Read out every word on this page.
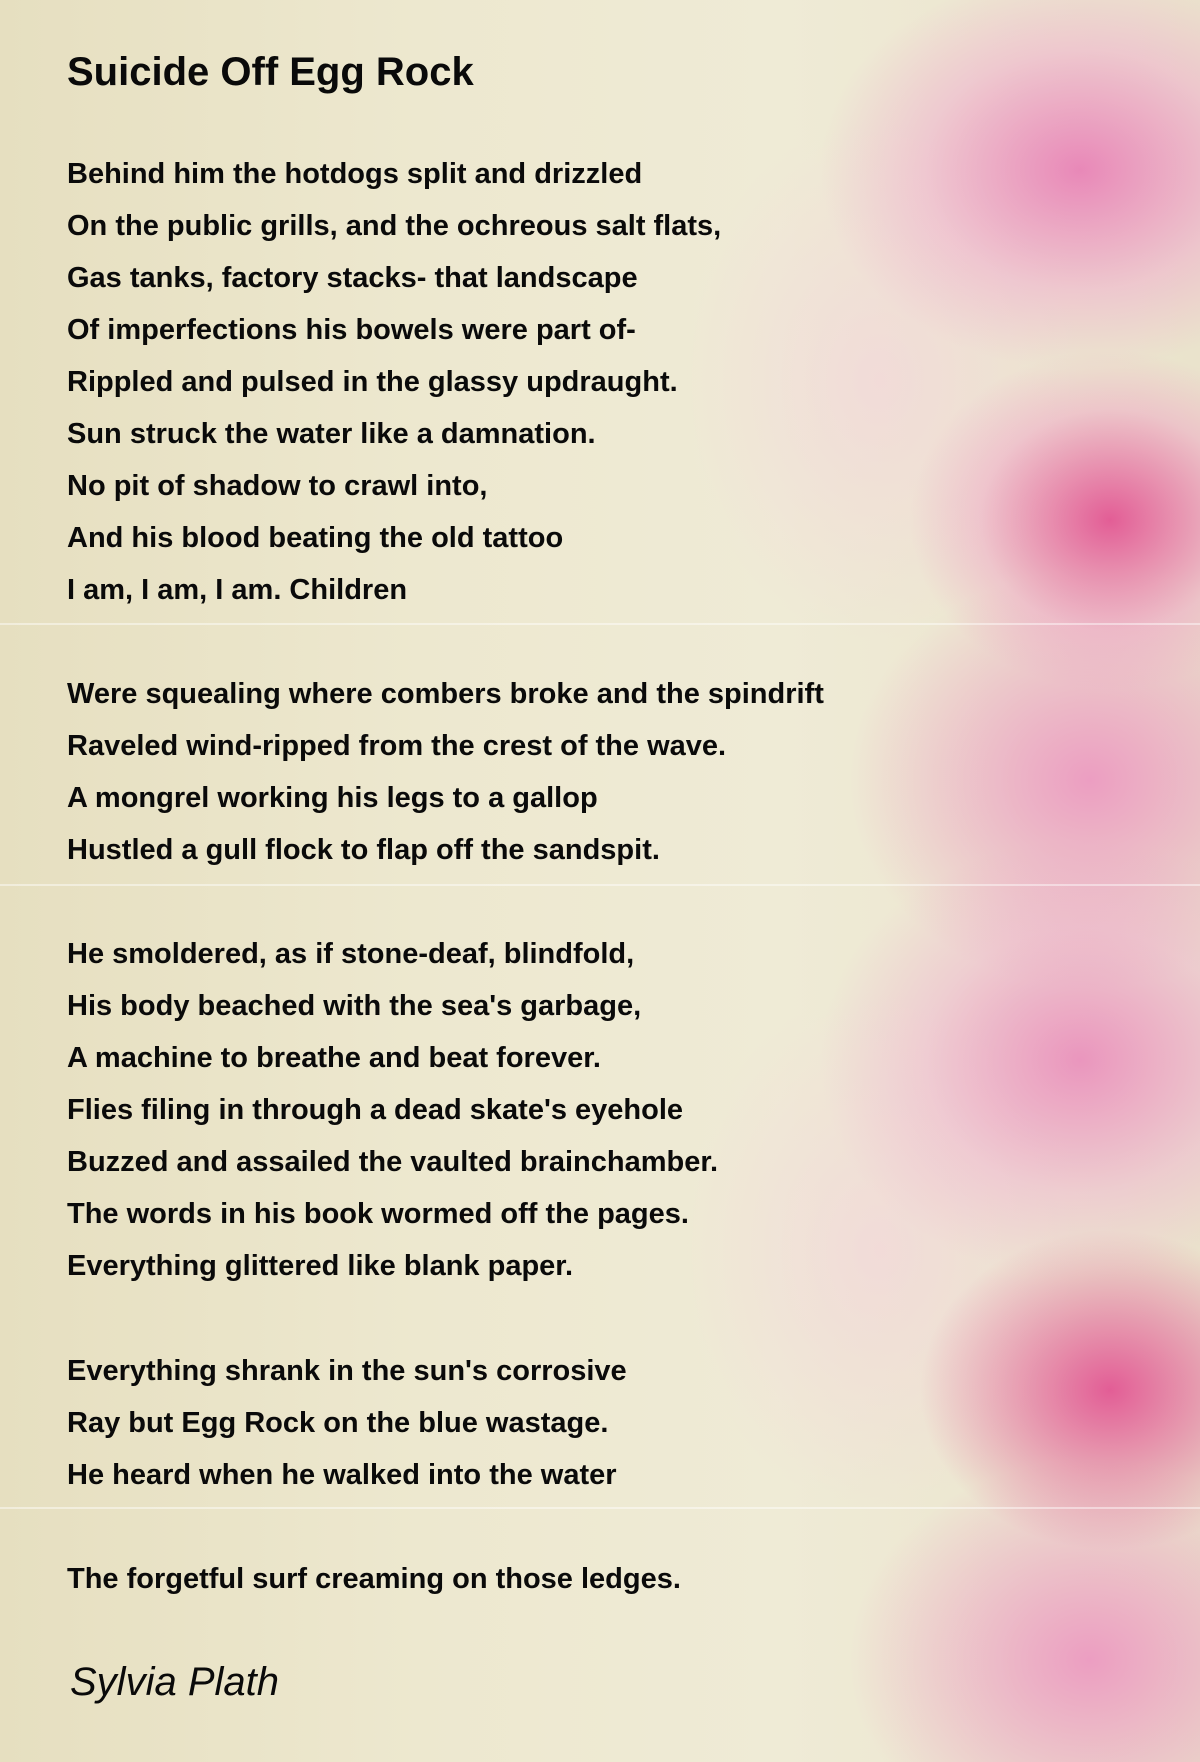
Suicide Off Egg Rock
Behind him the hotdogs split and drizzled
On the public grills, and the ochreous salt flats,
Gas tanks, factory stacks- that landscape
Of imperfections his bowels were part of-
Rippled and pulsed in the glassy updraught.
Sun struck the water like a damnation.
No pit of shadow to crawl into,
And his blood beating the old tattoo
I am, I am, I am. Children
Were squealing where combers broke and the spindrift
Raveled wind-ripped from the crest of the wave.
A mongrel working his legs to a gallop
Hustled a gull flock to flap off the sandspit.
He smoldered, as if stone-deaf, blindfold,
His body beached with the sea's garbage,
A machine to breathe and beat forever.
Flies filing in through a dead skate's eyehole
Buzzed and assailed the vaulted brainchamber.
The words in his book wormed off the pages.
Everything glittered like blank paper.
Everything shrank in the sun's corrosive
Ray but Egg Rock on the blue wastage.
He heard when he walked into the water
The forgetful surf creaming on those ledges.
Sylvia Plath
